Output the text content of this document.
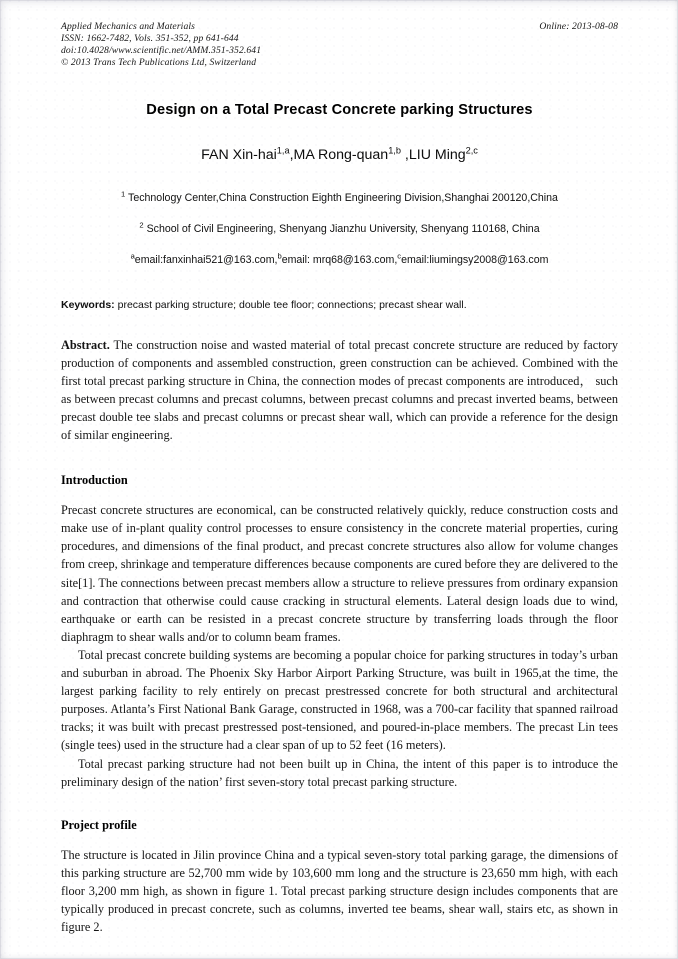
Applied Mechanics and Materials
ISSN: 1662-7482, Vols. 351-352, pp 641-644
doi:10.4028/www.scientific.net/AMM.351-352.641
© 2013 Trans Tech Publications Ltd, Switzerland
Online: 2013-08-08
Design on a Total Precast Concrete parking Structures

FAN Xin-hai$^{1,a}$,MA Rong-quan$^{1,b}$ ,LIU Ming$^{2,c}$

$^1$ Technology Center,China Construction Eighth Engineering Division,Shanghai 200120,China

$^2$ School of Civil Engineering, Shenyang Jianzhu University, Shenyang 110168, China

$^a$email:fanxinhai521@163.com,$^b$email: mrq68@163.com,$^c$email:liumingsy2008@163.com

Keywords: precast parking structure; double tee floor; connections; precast shear wall.

Abstract. The construction noise and wasted material of total precast concrete structure are reduced by factory production of components and assembled construction, green construction can be achieved. Combined with the first total precast parking structure in China, the connection modes of precast components are introduced， such as between precast columns and precast columns, between precast columns and precast inverted beams, between precast double tee slabs and precast columns or precast shear wall, which can provide a reference for the design of similar engineering.

Introduction

Precast concrete structures are economical, can be constructed relatively quickly, reduce construction costs and make use of in-plant quality control processes to ensure consistency in the concrete material properties, curing procedures, and dimensions of the final product, and precast concrete structures also allow for volume changes from creep, shrinkage and temperature differences because components are cured before they are delivered to the site[1]. The connections between precast members allow a structure to relieve pressures from ordinary expansion and contraction that otherwise could cause cracking in structural elements. Lateral design loads due to wind, earthquake or earth can be resisted in a precast concrete structure by transferring loads through the floor diaphragm to shear walls and/or to column beam frames.

Total precast concrete building systems are becoming a popular choice for parking structures in today’s urban and suburban in abroad. The Phoenix Sky Harbor Airport Parking Structure, was built in 1965,at the time, the largest parking facility to rely entirely on precast prestressed concrete for both structural and architectural purposes. Atlanta’s First National Bank Garage, constructed in 1968, was a 700-car facility that spanned railroad tracks; it was built with precast prestressed post-tensioned, and poured-in-place members. The precast Lin tees (single tees) used in the structure had a clear span of up to 52 feet (16 meters).

Total precast parking structure had not been built up in China, the intent of this paper is to introduce the preliminary design of the nation’ first seven-story total precast parking structure.

Project profile

The structure is located in Jilin province China and a typical seven-story total parking garage, the dimensions of this parking structure are 52,700 mm wide by 103,600 mm long and the structure is 23,650 mm high, with each floor 3,200 mm high, as shown in figure 1. Total precast parking structure design includes components that are typically produced in precast concrete, such as columns, inverted tee beams, shear wall, stairs etc, as shown in figure 2.
